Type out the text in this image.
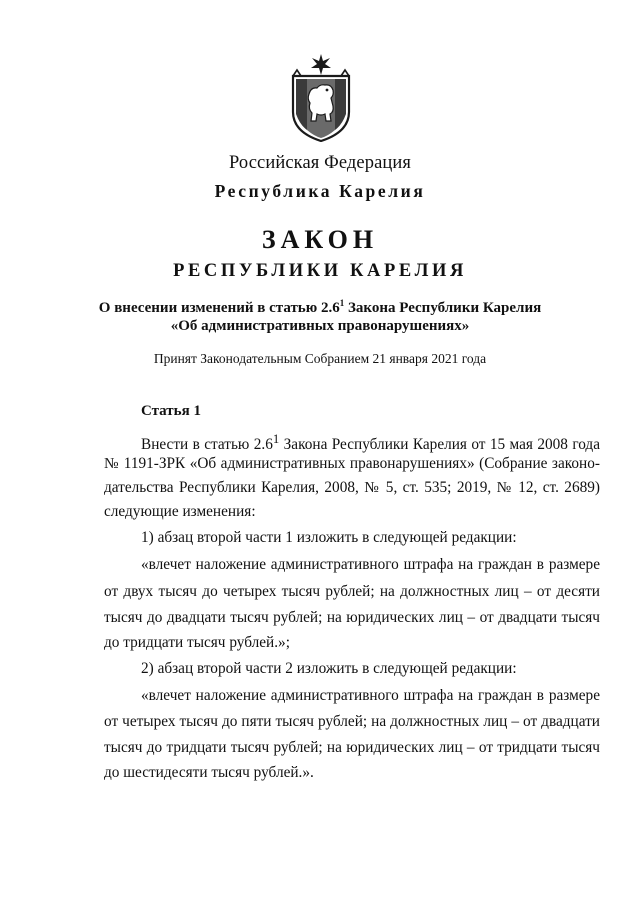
Российская Федерация
Республика Карелия
ЗАКОН
РЕСПУБЛИКИ КАРЕЛИЯ
О внесении изменений в статью $2.6^1$ Закона Республики Карелия
«Об административных правонарушениях»
Принят Законодательным Собранием 21 января 2021 года
Статья 1
Внести в статью $2.6^1$ Закона Республики Карелия от 15 мая 2008 года
№ 1191-ЗРК «Об административных правонарушениях» (Собрание законо-
дательства Республики Карелия, 2008, № 5, ст. 535; 2019, № 12, ст. 2689)
следующие изменения:
1) абзац второй части 1 изложить в следующей редакции:
«влечет наложение административного штрафа на граждан в размере
от двух тысяч до четырех тысяч рублей; на должностных лиц – от десяти
тысяч до двадцати тысяч рублей; на юридических лиц – от двадцати тысяч
до тридцати тысяч рублей.»;
2) абзац второй части 2 изложить в следующей редакции:
«влечет наложение административного штрафа на граждан в размере
от четырех тысяч до пяти тысяч рублей; на должностных лиц – от двадцати
тысяч до тридцати тысяч рублей; на юридических лиц – от тридцати тысяч
до шестидесяти тысяч рублей.».
